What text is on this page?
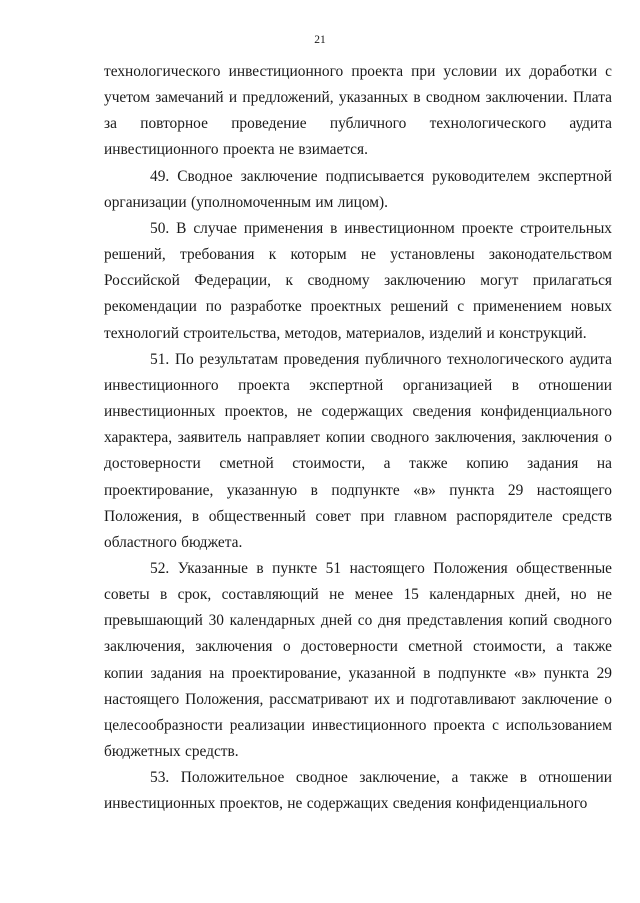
21

технологического инвестиционного проекта при условии их доработки с учетом замечаний и предложений, указанных в сводном заключении. Плата за повторное проведение публичного технологического аудита инвестиционного проекта не взимается.

49. Сводное заключение подписывается руководителем экспертной организации (уполномоченным им лицом).

50. В случае применения в инвестиционном проекте строительных решений, требования к которым не установлены законодательством Российской Федерации, к сводному заключению могут прилагаться рекомендации по разработке проектных решений с применением новых технологий строительства, методов, материалов, изделий и конструкций.

51. По результатам проведения публичного технологического аудита инвестиционного проекта экспертной организацией в отношении инвестиционных проектов, не содержащих сведения конфиденциального характера, заявитель направляет копии сводного заключения, заключения о достоверности сметной стоимости, а также копию задания на проектирование, указанную в подпункте «в» пункта 29 настоящего Положения, в общественный совет при главном распорядителе средств областного бюджета.

52. Указанные в пункте 51 настоящего Положения общественные советы в срок, составляющий не менее 15 календарных дней, но не превышающий 30 календарных дней со дня представления копий сводного заключения, заключения о достоверности сметной стоимости, а также копии задания на проектирование, указанной в подпункте «в» пункта 29 настоящего Положения, рассматривают их и подготавливают заключение о целесообразности реализации инвестиционного проекта с использованием бюджетных средств.

53. Положительное сводное заключение, а также в отношении инвестиционных проектов, не содержащих сведения конфиденциального
